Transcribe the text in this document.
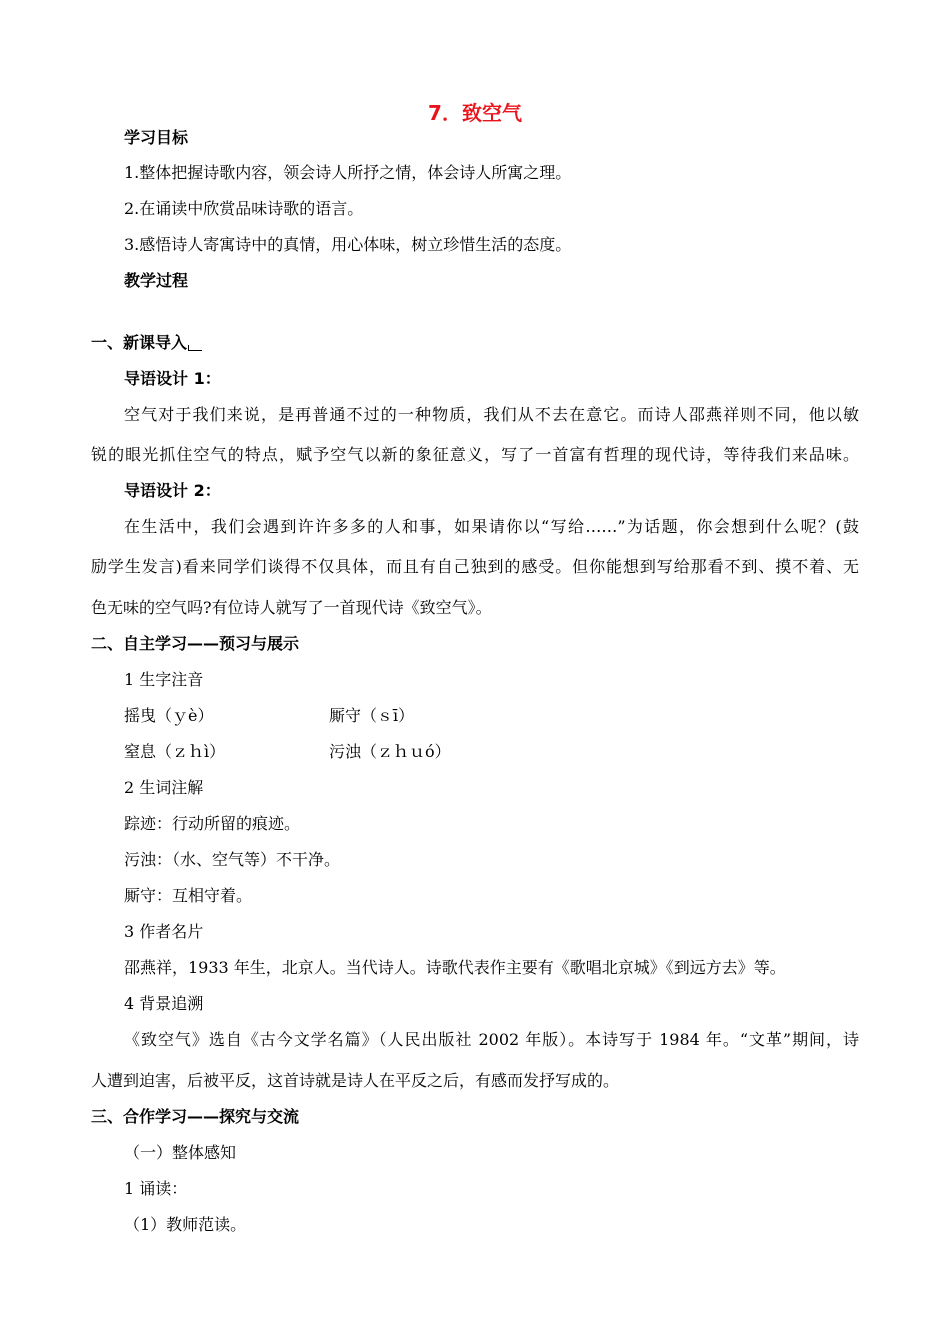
7．致空气
学习目标
1.整体把握诗歌内容，领会诗人所抒之情，体会诗人所寓之理。
2.在诵读中欣赏品味诗歌的语言。
3.感悟诗人寄寓诗中的真情，用心体味，树立珍惜生活的态度。
教学过程
一、新课导入
导语设计 1：
空气对于我们来说，是再普通不过的一种物质，我们从不去在意它。而诗人邵燕祥则不同，他以敏
锐的眼光抓住空气的特点，赋予空气以新的象征意义，写了一首富有哲理的现代诗，等待我们来品味。
导语设计 2：
在生活中，我们会遇到许许多多的人和事，如果请你以“写给……”为话题，你会想到什么呢？(鼓
励学生发言)看来同学们谈得不仅具体，而且有自己独到的感受。但你能想到写给那看不到、摸不着、无
色无味的空气吗?有位诗人就写了一首现代诗《致空气》。
二、自主学习——预习与展示
1 生字注音
摇曳（ｙè）	厮守（ｓī）
窒息（ｚｈì）	污浊（ｚｈｕó）
2 生词注解
踪迹：行动所留的痕迹。
污浊：（水、空气等）不干净。
厮守：互相守着。
3 作者名片
邵燕祥，1933 年生，北京人。当代诗人。诗歌代表作主要有《歌唱北京城》《到远方去》等。
4 背景追溯
《致空气》选自《古今文学名篇》（人民出版社 2002 年版）。本诗写于 1984 年。“文革”期间，诗
人遭到迫害，后被平反，这首诗就是诗人在平反之后，有感而发抒写成的。
三、合作学习——探究与交流
（一）整体感知
1 诵读：
（1）教师范读。
